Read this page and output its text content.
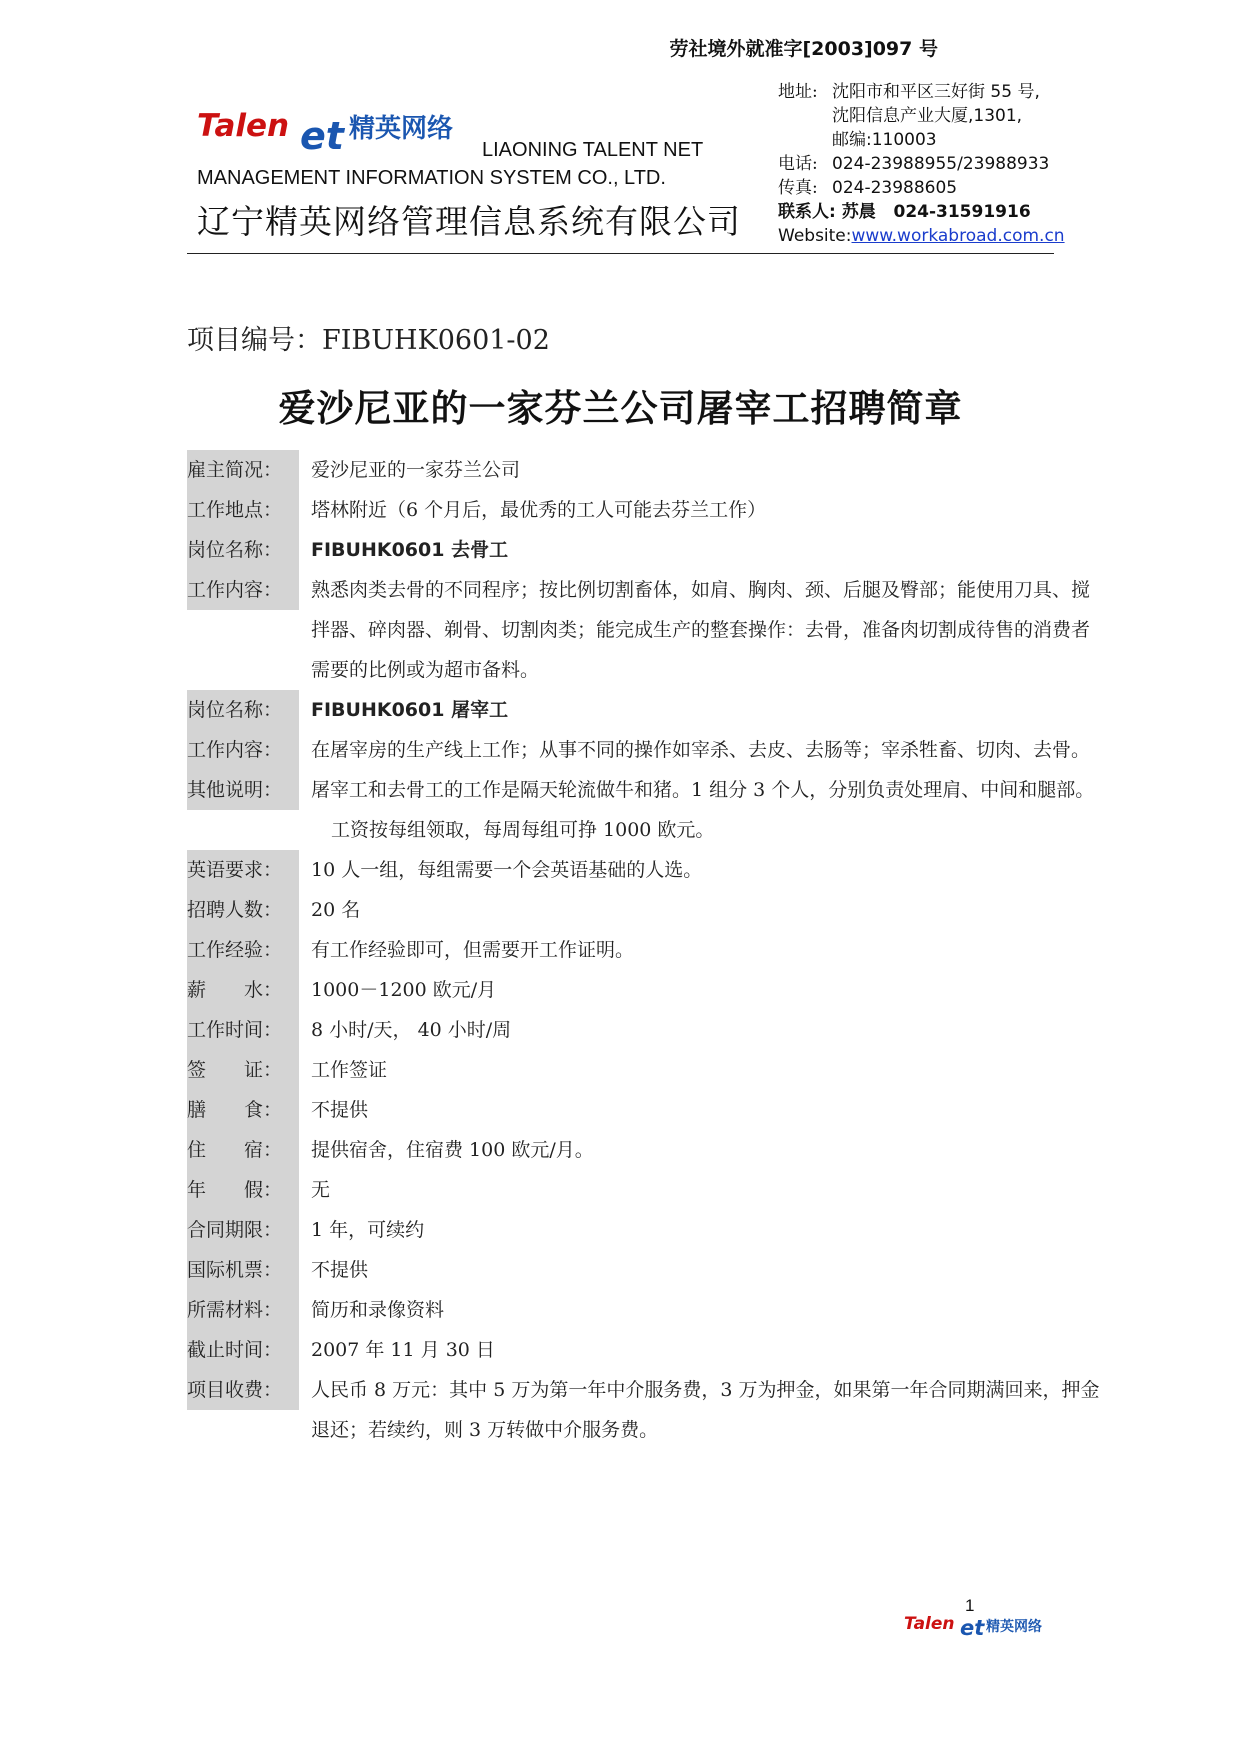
劳社境外就准字[2003]097 号
Talen et 精英网络
LIAONING TALENT NET
MANAGEMENT INFORMATION SYSTEM CO., LTD.
辽宁精英网络管理信息系统有限公司
地址: 沈阳市和平区三好街 55 号,
沈阳信息产业大厦,1301,
邮编:110003
电话: 024-23988955/23988933
传真: 024-23988605
联系人: 苏晨
024-31591916
Website: www.workabroad.com.cn
项目编号：FIBUHK0601-02
爱沙尼亚的一家芬兰公司屠宰工招聘简章
雇主简况：	爱沙尼亚的一家芬兰公司
工作地点：	塔林附近（6 个月后，最优秀的工人可能去芬兰工作）
岗位名称：	FIBUHK0601 去骨工
工作内容：	熟悉肉类去骨的不同程序；按比例切割畜体，如肩、胸肉、颈、后腿及臀部；能使用刀具、搅拌器、碎肉器、剃骨、切割肉类；能完成生产的整套操作：去骨，准备肉切割成待售的消费者需要的比例或为超市备料。
岗位名称：	FIBUHK0601 屠宰工
工作内容：	在屠宰房的生产线上工作；从事不同的操作如宰杀、去皮、去肠等；宰杀牲畜、切肉、去骨。
其他说明：	屠宰工和去骨工的工作是隔天轮流做牛和猪。1 组分 3 个人，分别负责处理肩、中间和腿部。
工资按每组领取，每周每组可挣 1000 欧元。
英语要求：	10 人一组，每组需要一个会英语基础的人选。
招聘人数：	20 名
工作经验：	有工作经验即可，但需要开工作证明。
薪　　水：	1000－1200 欧元/月
工作时间：	8 小时/天， 40 小时/周
签　　证：	工作签证
膳　　食：	不提供
住　　宿：	提供宿舍，住宿费 100 欧元/月。
年　　假：	无
合同期限：	1 年，可续约
国际机票：	不提供
所需材料：	简历和录像资料
截止时间：	2007 年 11 月 30 日
项目收费：	人民币 8 万元：其中 5 万为第一年中介服务费，3 万为押金，如果第一年合同期满回来，押金退还；若续约，则 3 万转做中介服务费。
1
Talen et 精英网络
